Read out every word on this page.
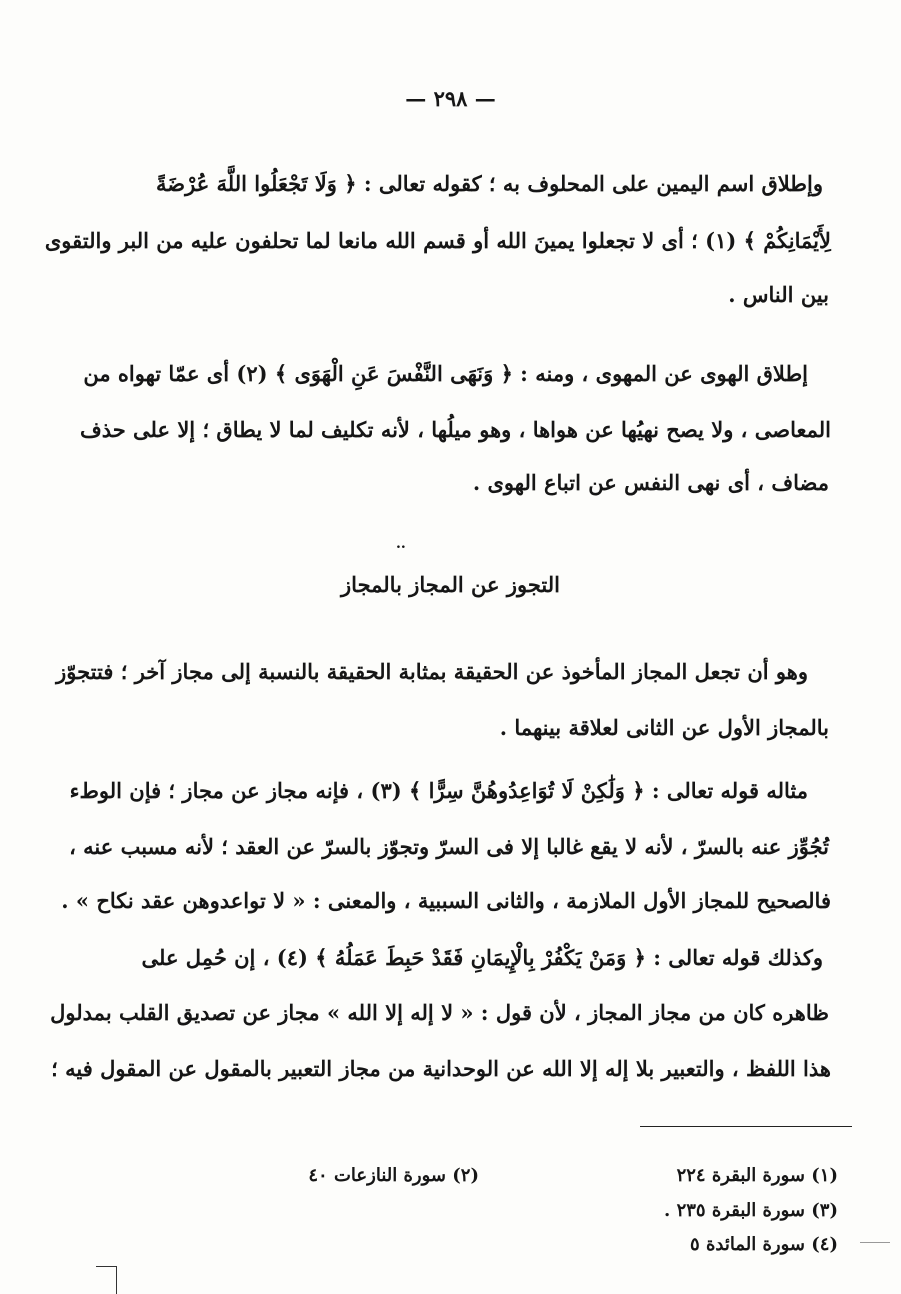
— ٢٩٨ —
وإطلاق اسم اليمين على المحلوف به ؛ كقوله تعالى : ﴿ وَلَا تَجْعَلُوا اللَّهَ عُرْضَةً
لِأَيْمَانِكُمْ ﴾ (١) ؛ أى لا تجعلوا يمينَ الله أو قسم الله مانعا لما تحلفون عليه من البر والتقوى
بين الناس .
إطلاق الهوى عن المهوى ، ومنه : ﴿ وَنَهَى النَّفْسَ عَنِ الْهَوَى ﴾ (٢) أى عمّا تهواه من
المعاصى ، ولا يصح نهيُها عن هواها ، وهو ميلُها ، لأنه تكليف لما لا يطاق ؛ إلا على حذف
مضاف ، أى نهى النفس عن اتباع الهوى .
..
التجوز عن المجاز بالمجاز
وهو أن تجعل المجاز المأخوذ عن الحقيقة بمثابة الحقيقة بالنسبة إلى مجاز آخر ؛ فتتجوّز
بالمجاز الأول عن الثانى لعلاقة بينهما .
مثاله قوله تعالى : ﴿ وَلَٰكِنْ لَا تُوَاعِدُوهُنَّ سِرًّا ﴾ (٣) ، فإنه مجاز عن مجاز ؛ فإن الوطء
تُجُوِّز عنه بالسرّ ، لأنه لا يقع غالبا إلا فى السرّ وتجوّز بالسرّ عن العقد ؛ لأنه مسبب عنه ،
فالصحيح للمجاز الأول الملازمة ، والثانى السببية ، والمعنى : « لا تواعدوهن عقد نكاح » .
وكذلك قوله تعالى : ﴿ وَمَنْ يَكْفُرْ بِالْإِيمَانِ فَقَدْ حَبِطَ عَمَلُهُ ﴾ (٤) ، إن حُمِل على
ظاهره كان من مجاز المجاز ، لأن قول : « لا إله إلا الله » مجاز عن تصديق القلب بمدلول
هذا اللفظ ، والتعبير بلا إله إلا الله عن الوحدانية من مجاز التعبير بالمقول عن المقول فيه ؛
(١) سورة البقرة ٢٢٤
(٢) سورة النازعات ٤٠
(٣) سورة البقرة ٢٣٥ .
(٤) سورة المائدة ٥
